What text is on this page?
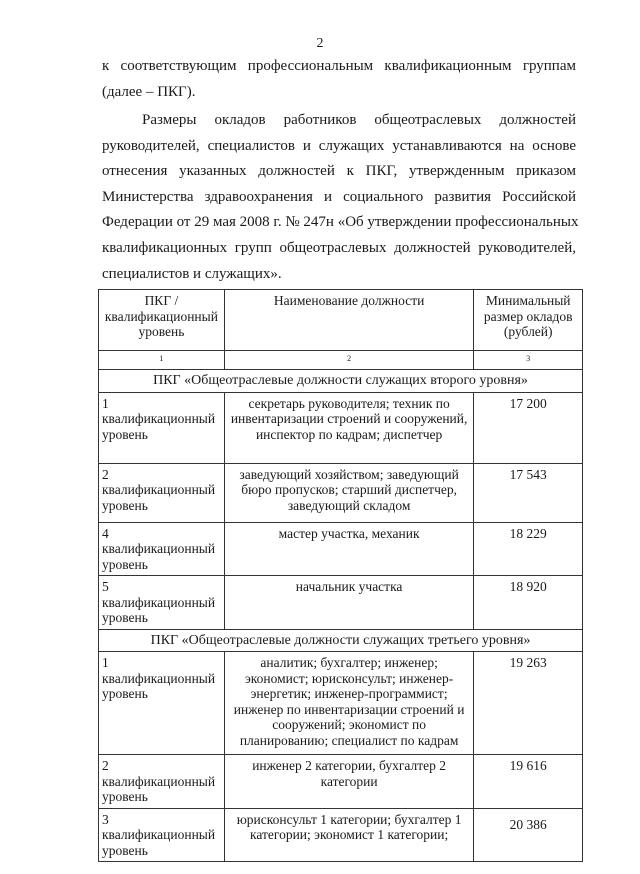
2
к соответствующим профессиональным квалификационным группам
(далее – ПКГ).
Размеры окладов работников общеотраслевых должностей
руководителей, специалистов и служащих устанавливаются на основе
отнесения указанных должностей к ПКГ, утвержденным приказом
Министерства здравоохранения и социального развития Российской
Федерации от 29 мая 2008 г. № 247н «Об утверждении профессиональных
квалификационных групп общеотраслевых должностей руководителей,
специалистов и служащих».
ПКГ / квалификационный уровень	Наименование должности	Минимальный размер окладов (рублей)
1	2	3
ПКГ «Общеотраслевые должности служащих второго уровня»		
1 квалификационный уровень	секретарь руководителя; техник по инвентаризации строений и сооружений, инспектор по кадрам; диспетчер	17 200
2 квалификационный уровень	заведующий хозяйством; заведующий бюро пропусков; старший диспетчер, заведующий складом	17 543
4 квалификационный уровень	мастер участка, механик	18 229
5 квалификационный уровень	начальник участка	18 920
ПКГ «Общеотраслевые должности служащих третьего уровня»		
1 квалификационный уровень	аналитик; бухгалтер; инженер; экономист; юрисконсульт; инженер-энергетик; инженер-программист; инженер по инвентаризации строений и сооружений; экономист по планированию; специалист по кадрам	19 263
2 квалификационный уровень	инженер 2 категории, бухгалтер 2 категории	19 616
3 квалификационный уровень	юрисконсульт 1 категории; бухгалтер 1 категории; экономист 1 категории;	20 386
